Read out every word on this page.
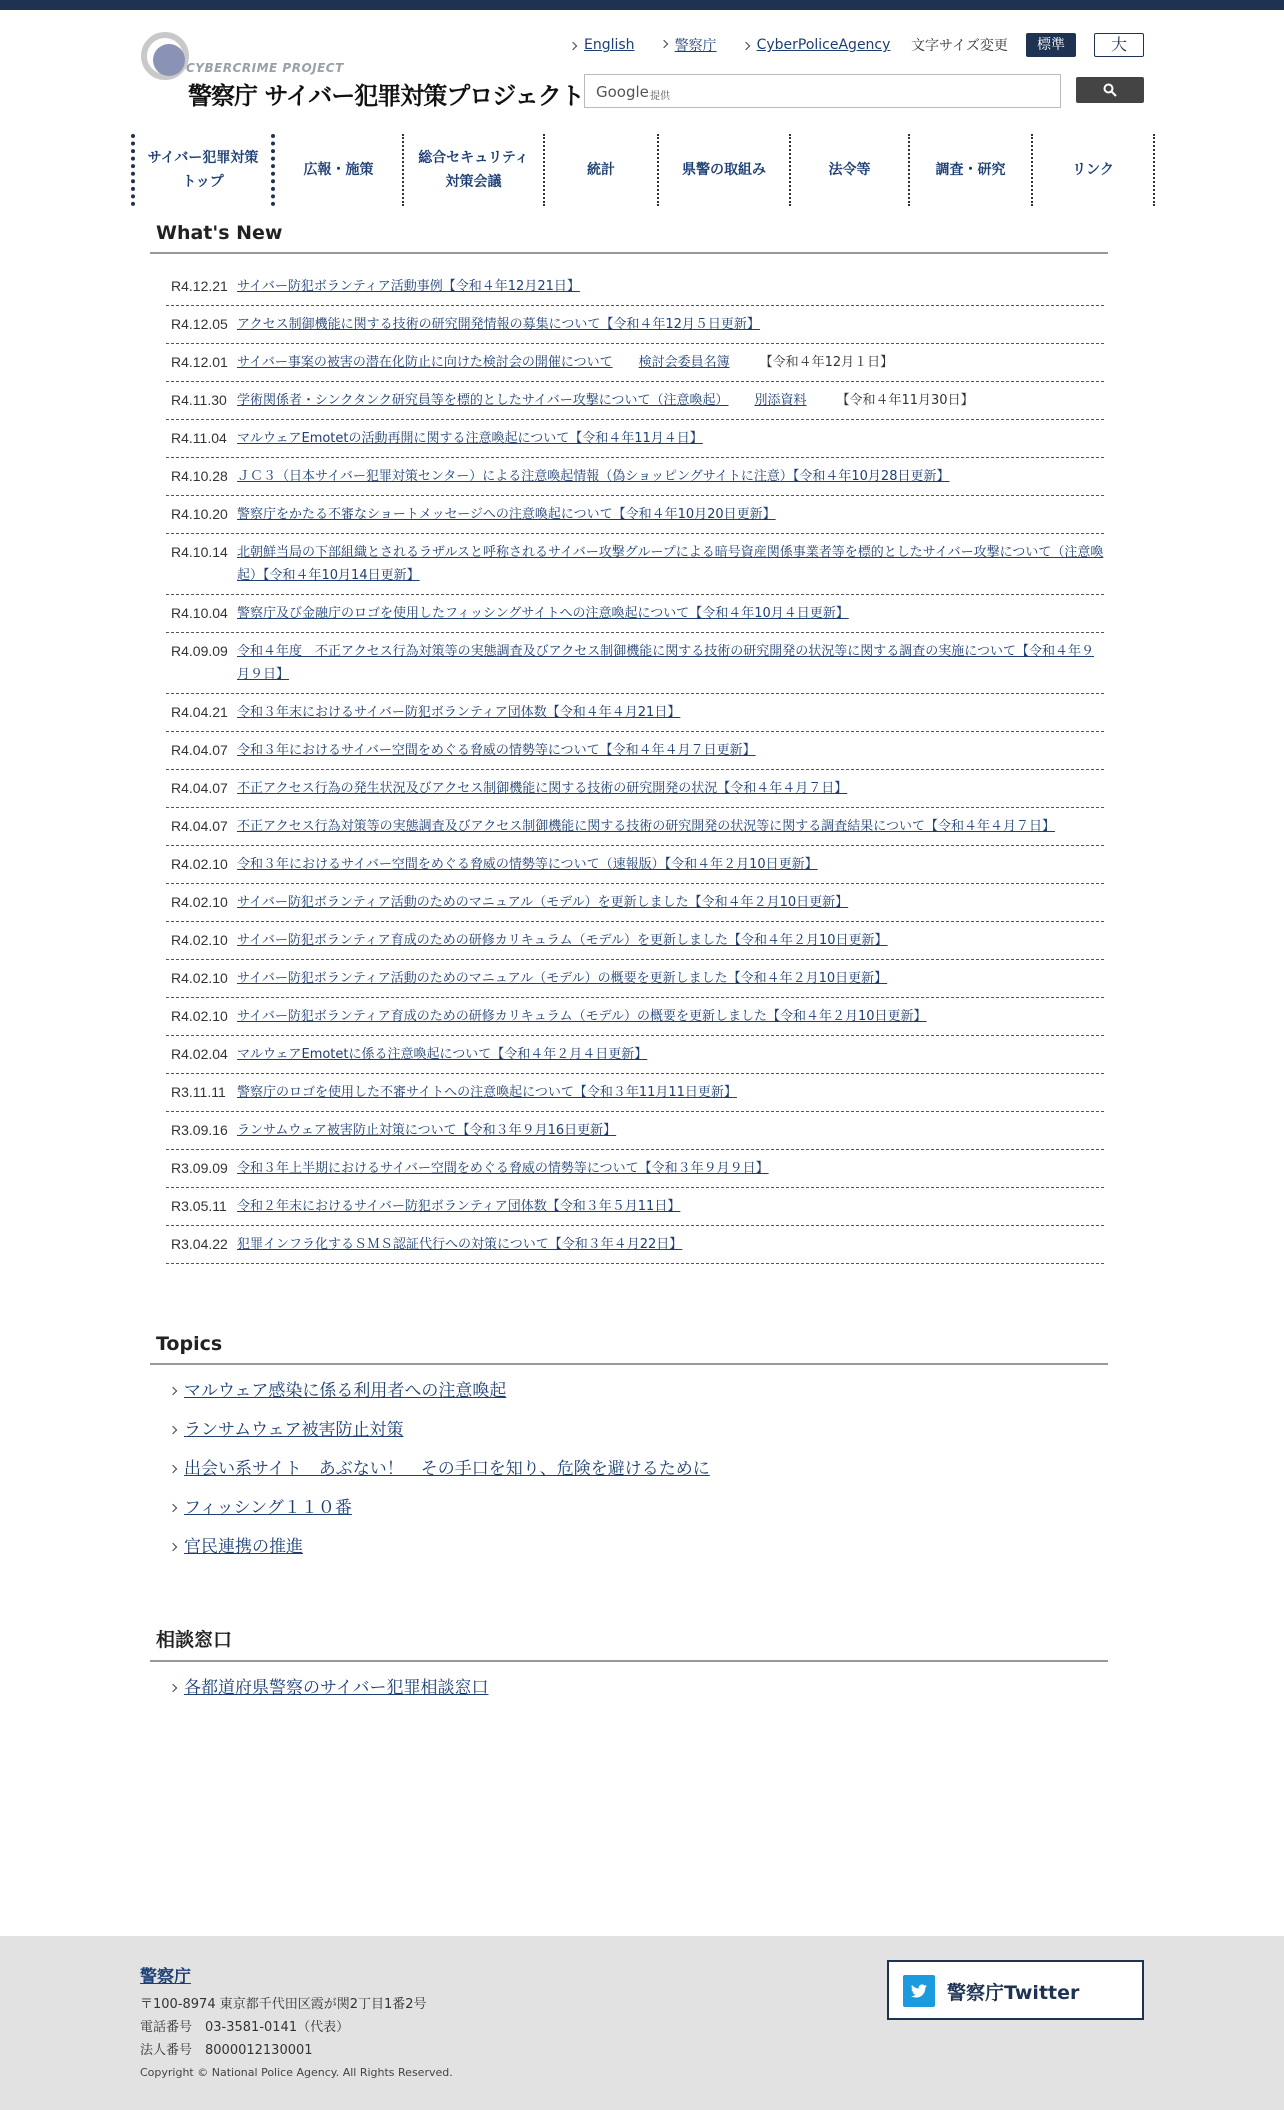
CYBERCRIME PROJECT
警察庁 サイバー犯罪対策プロジェクト
English	警察庁	CyberPoliceAgency 文字サイズ変更	標準	大
Google 提供
サイバー犯罪対策
トップ
広報・施策
総合セキュリティ
対策会議
統計	県警の取組み	法令等	調査・研究	リンク
What's New
R4.12.21 サイバー防犯ボランティア活動事例【令和４年12月21日】
R4.12.05 アクセス制御機能に関する技術の研究開発情報の募集について【令和４年12月５日更新】
R4.12.01 サイバー事案の被害の潜在化防止に向けた検討会の開催について 検討会委員名簿 【令和４年12月１日】
R4.11.30 学術関係者・シンクタンク研究員等を標的としたサイバー攻撃について（注意喚起） 別添資料 【令和４年11月30日】
R4.11.04 マルウェアEmotetの活動再開に関する注意喚起について【令和４年11月４日】
R4.10.28 ＪＣ３（日本サイバー犯罪対策センター）による注意喚起情報（偽ショッピングサイトに注意）【令和４年10月28日更新】
R4.10.20 警察庁をかたる不審なショートメッセージへの注意喚起について【令和４年10月20日更新】
R4.10.14 北朝鮮当局の下部組織とされるラザルスと呼称されるサイバー攻撃グループによる暗号資産関係事業者等を標的としたサイバー攻撃について（注意喚起）【令和４年10月14日更新】
R4.10.04 警察庁及び金融庁のロゴを使用したフィッシングサイトへの注意喚起について【令和４年10月４日更新】
R4.09.09 令和４年度　不正アクセス行為対策等の実態調査及びアクセス制御機能に関する技術の研究開発の状況等に関する調査の実施について【令和４年９月９日】
R4.04.21 令和３年末におけるサイバー防犯ボランティア団体数【令和４年４月21日】
R4.04.07 令和３年におけるサイバー空間をめぐる脅威の情勢等について【令和４年４月７日更新】
R4.04.07 不正アクセス行為の発生状況及びアクセス制御機能に関する技術の研究開発の状況【令和４年４月７日】
R4.04.07 不正アクセス行為対策等の実態調査及びアクセス制御機能に関する技術の研究開発の状況等に関する調査結果について【令和４年４月７日】
R4.02.10 令和３年におけるサイバー空間をめぐる脅威の情勢等について（速報版）【令和４年２月10日更新】
R4.02.10 サイバー防犯ボランティア活動のためのマニュアル（モデル）を更新しました【令和４年２月10日更新】
R4.02.10 サイバー防犯ボランティア育成のための研修カリキュラム（モデル）を更新しました【令和４年２月10日更新】
R4.02.10 サイバー防犯ボランティア活動のためのマニュアル（モデル）の概要を更新しました【令和４年２月10日更新】
R4.02.10 サイバー防犯ボランティア育成のための研修カリキュラム（モデル）の概要を更新しました【令和４年２月10日更新】
R4.02.04 マルウェアEmotetに係る注意喚起について【令和４年２月４日更新】
R3.11.11 警察庁のロゴを使用した不審サイトへの注意喚起について【令和３年11月11日更新】
R3.09.16 ランサムウェア被害防止対策について【令和３年９月16日更新】
R3.09.09 令和３年上半期におけるサイバー空間をめぐる脅威の情勢等について【令和３年９月９日】
R3.05.11 令和２年末におけるサイバー防犯ボランティア団体数【令和３年５月11日】
R3.04.22 犯罪インフラ化するＳＭＳ認証代行への対策について【令和３年４月22日】
Topics
マルウェア感染に係る利用者への注意喚起
ランサムウェア被害防止対策
出会い系サイト　あぶない！　その手口を知り、危険を避けるために
フィッシング１１０番
官民連携の推進
相談窓口
各都道府県警察のサイバー犯罪相談窓口
警察庁
〒100-8974 東京都千代田区霞が関2丁目1番2号
電話番号　03-3581-0141（代表）
法人番号　8000012130001
Copyright © National Police Agency. All Rights Reserved.
警察庁Twitter
